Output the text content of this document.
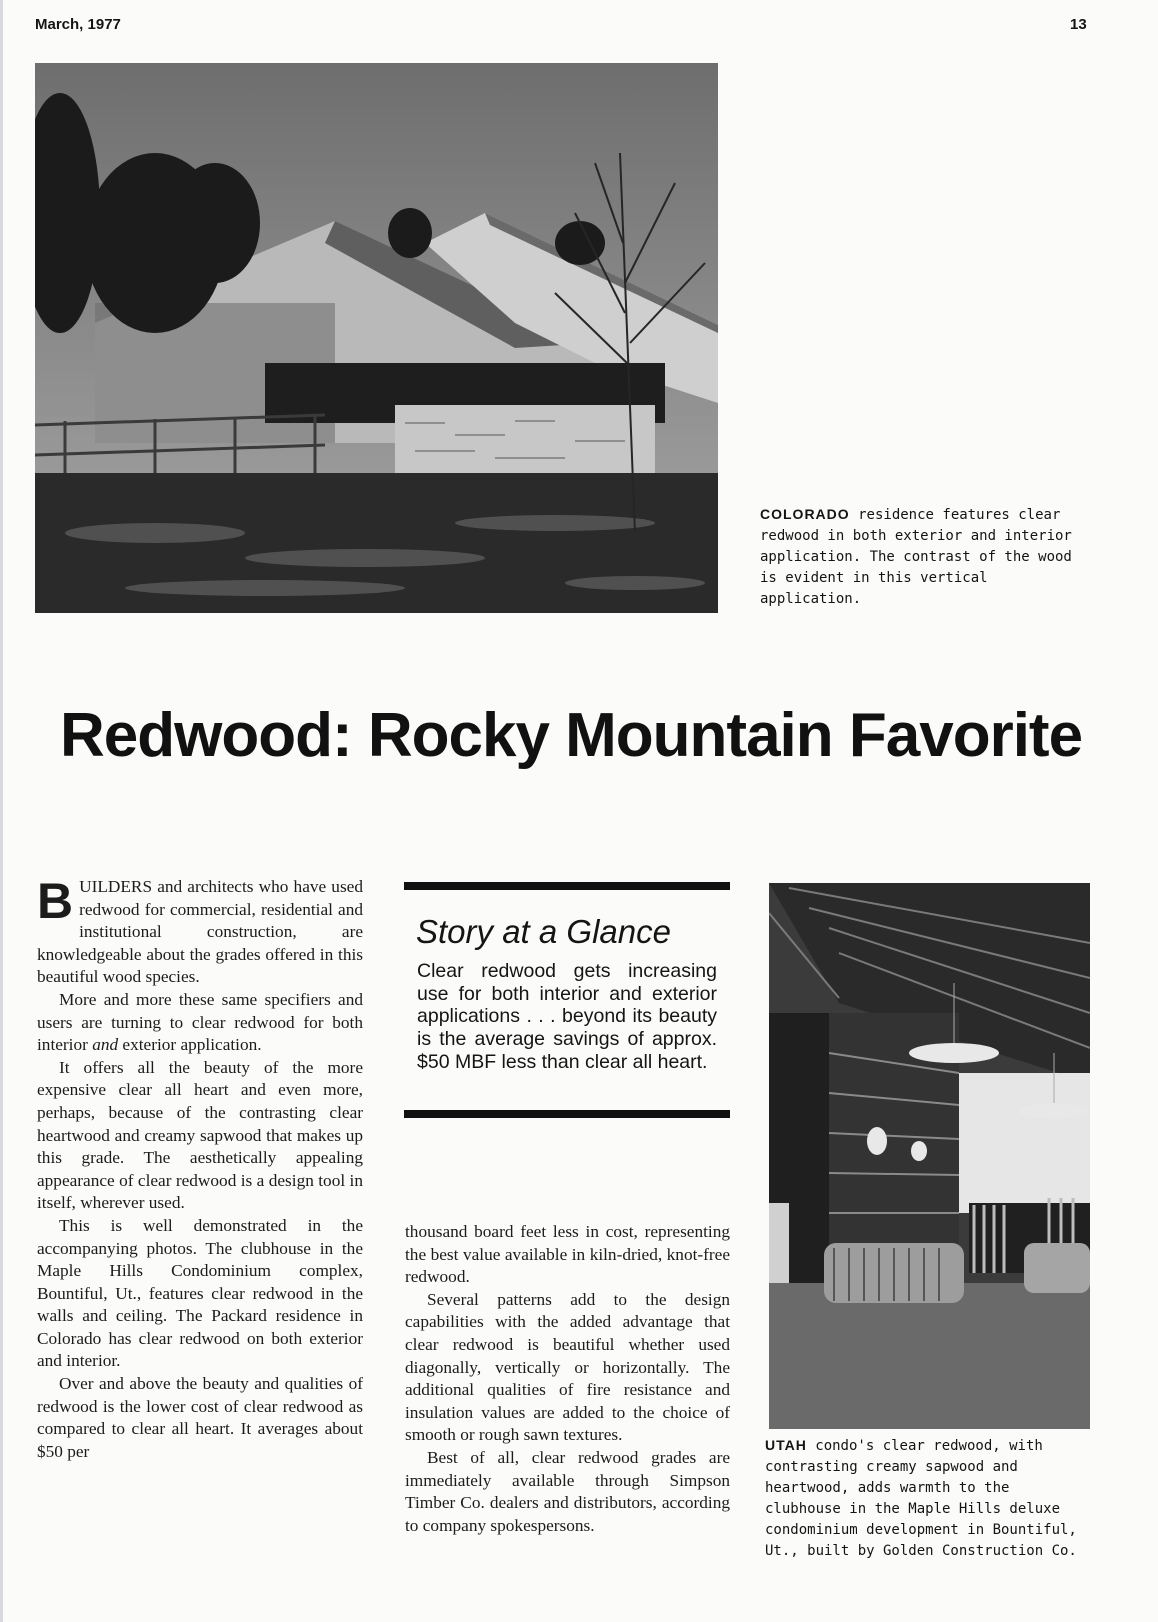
March, 1977	13
COLORADO residence features clear redwood in both exterior and interior application. The contrast of the wood is evident in this vertical application.
Redwood: Rocky Mountain Favorite

BUILDERS and architects who have used redwood for commercial, residential and institutional construction, are knowledgeable about the grades offered in this beautiful wood species.

More and more these same specifiers and users are turning to clear redwood for both interior and exterior application.

It offers all the beauty of the more expensive clear all heart and even more, perhaps, because of the contrasting clear heartwood and creamy sapwood that makes up this grade. The aesthetically appealing appearance of clear redwood is a design tool in itself, wherever used.

This is well demonstrated in the accompanying photos. The clubhouse in the Maple Hills Condominium complex, Bountiful, Ut., features clear redwood in the walls and ceiling. The Packard residence in Colorado has clear redwood on both exterior and interior.

Over and above the beauty and qualities of redwood is the lower cost of clear redwood as compared to clear all heart. It averages about $50 per

Story at a Glance
Clear redwood gets increasing use for both interior and exterior applications . . . beyond its beauty is the average savings of approx. $50 MBF less than clear all heart.

thousand board feet less in cost, representing the best value available in kiln-dried, knot-free redwood.

Several patterns add to the design capabilities with the added advantage that clear redwood is beautiful whether used diagonally, vertically or horizontally. The additional qualities of fire resistance and insulation values are added to the choice of smooth or rough sawn textures.

Best of all, clear redwood grades are immediately available through Simpson Timber Co. dealers and distributors, according to company spokespersons.

UTAH condo's clear redwood, with contrasting creamy sapwood and heartwood, adds warmth to the clubhouse in the Maple Hills deluxe condominium development in Bountiful, Ut., built by Golden Construction Co.
